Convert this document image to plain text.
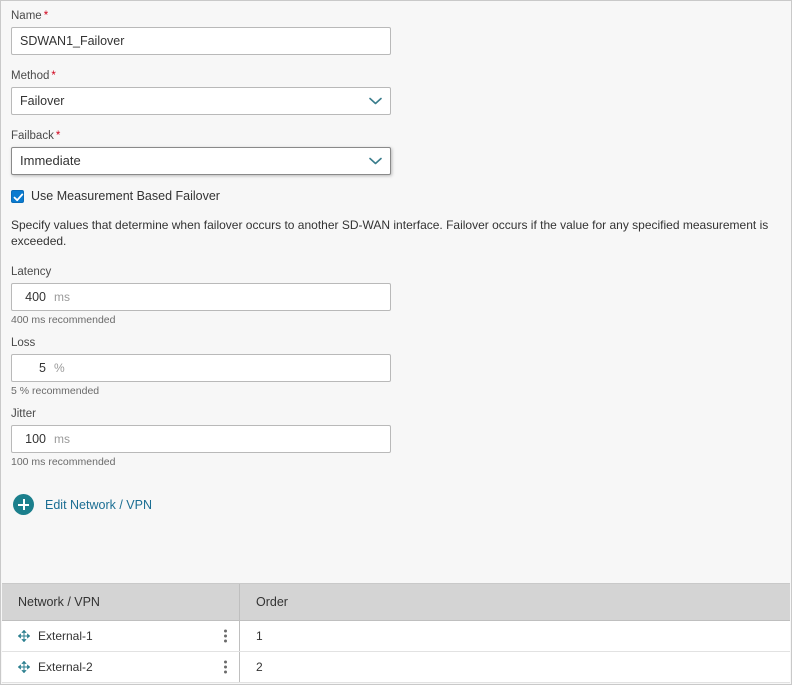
Name *
SDWAN1_Failover
Method *
Failover
Failback *
Immediate
Use Measurement Based Failover
Specify values that determine when failover occurs to another SD-WAN interface. Failover occurs if the value for any specified measurement is exceeded.
Latency
400 ms
400 ms recommended
Loss
5 %
5 % recommended
Jitter
100 ms
100 ms recommended
Edit Network / VPN
Network / VPN	Order
External-1	1
External-2	2
